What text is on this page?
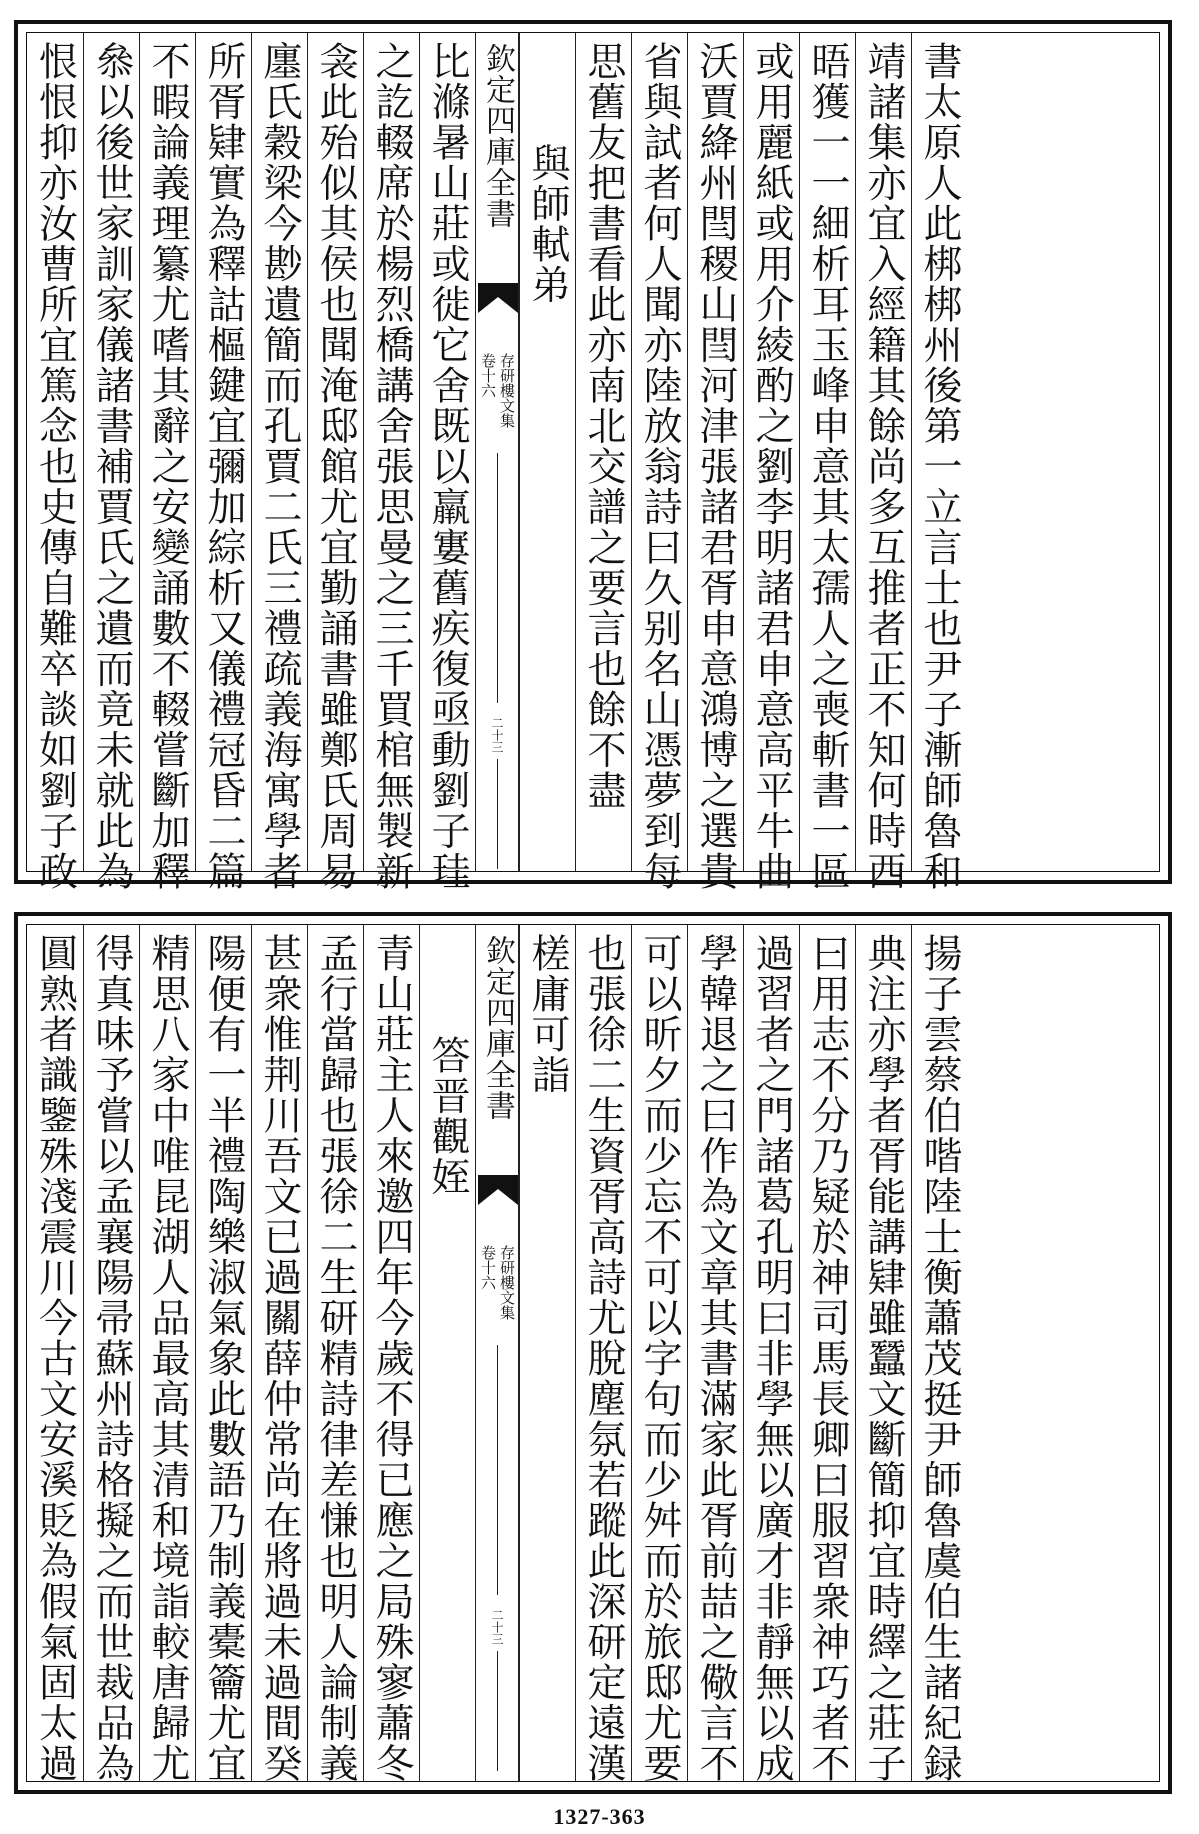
恨恨抑亦汝曹所宜篤念也史傳自難卒談如劉子政 叅以後世家訓家儀諸書補賈氏之遺而竟未就此為 不暇論義理纂尤嗜其辭之安變誦數不輟嘗斷加釋 所胥肄實為釋詁樞鍵宜彌加綜析又儀禮冠昏二篇 廛氏穀梁今尠遺簡而孔賈二氏三禮疏義海寓學者 衾此殆似其侯也聞淹邸館尤宜勤誦書雖鄭氏周易 之訖輟席於楊烈橋講舍張思曼之三千買棺無製新 比滌暑山莊或徙它舍既以羸寠舊疾復亟動劉子珪 欽定四庫全書
存研樓文集
卷十六
二十三
與師軾弟 思舊友把書看此亦南北交譜之要言也餘不盡 省與試者何人聞亦陸放翁詩曰久别名山憑夢到每 沃賈絳州閆稷山閆河津張諸君胥申意鴻博之選貴 或用麗紙或用介綾酌之劉李明諸君申意高平牛曲 晤獲一一細析耳玉峰申意其太孺人之喪斬書一區 靖諸集亦宜入經籍其餘尚多互推者正不知何時西 書太原人此梆梆州後第一立言士也尹子漸師魯和
圓熟者識鑒殊淺震川今古文安溪貶為假氣固太過 得真味予嘗以孟襄陽帚蘇州詩格擬之而世裁品為 精思八家中唯昆湖人品最高其清和境詣較唐歸尤 陽便有一半禮陶樂淑氣象此數語乃制義橐籥尤宜 甚衆惟荆川吾文已過關薛仲常尚在將過未過間癸 孟行當歸也張徐二生研精詩律差慊也明人論制義 青山莊主人來邀四年今歲不得已應之局殊寥蕭冬 答晋觀姪 欽定四庫全書
存研樓文集
卷十六
二十三
槎庸可詣 也張徐二生資胥高詩尤脫塵氛若蹤此深研定遠漢 可以昕夕而少忘不可以字句而少舛而於旅邸尤要 學韓退之曰作為文章其書滿家此胥前喆之儆言不 過習者之門諸葛孔明曰非學無以廣才非靜無以成 曰用志不分乃疑於神司馬長卿曰服習衆神巧者不 典注亦學者胥能講肄雖蠶文斷簡抑宜時繹之莊子 揚子雲蔡伯喈陸士衡蕭茂挺尹師魯虞伯生諸紀録
1327-363
